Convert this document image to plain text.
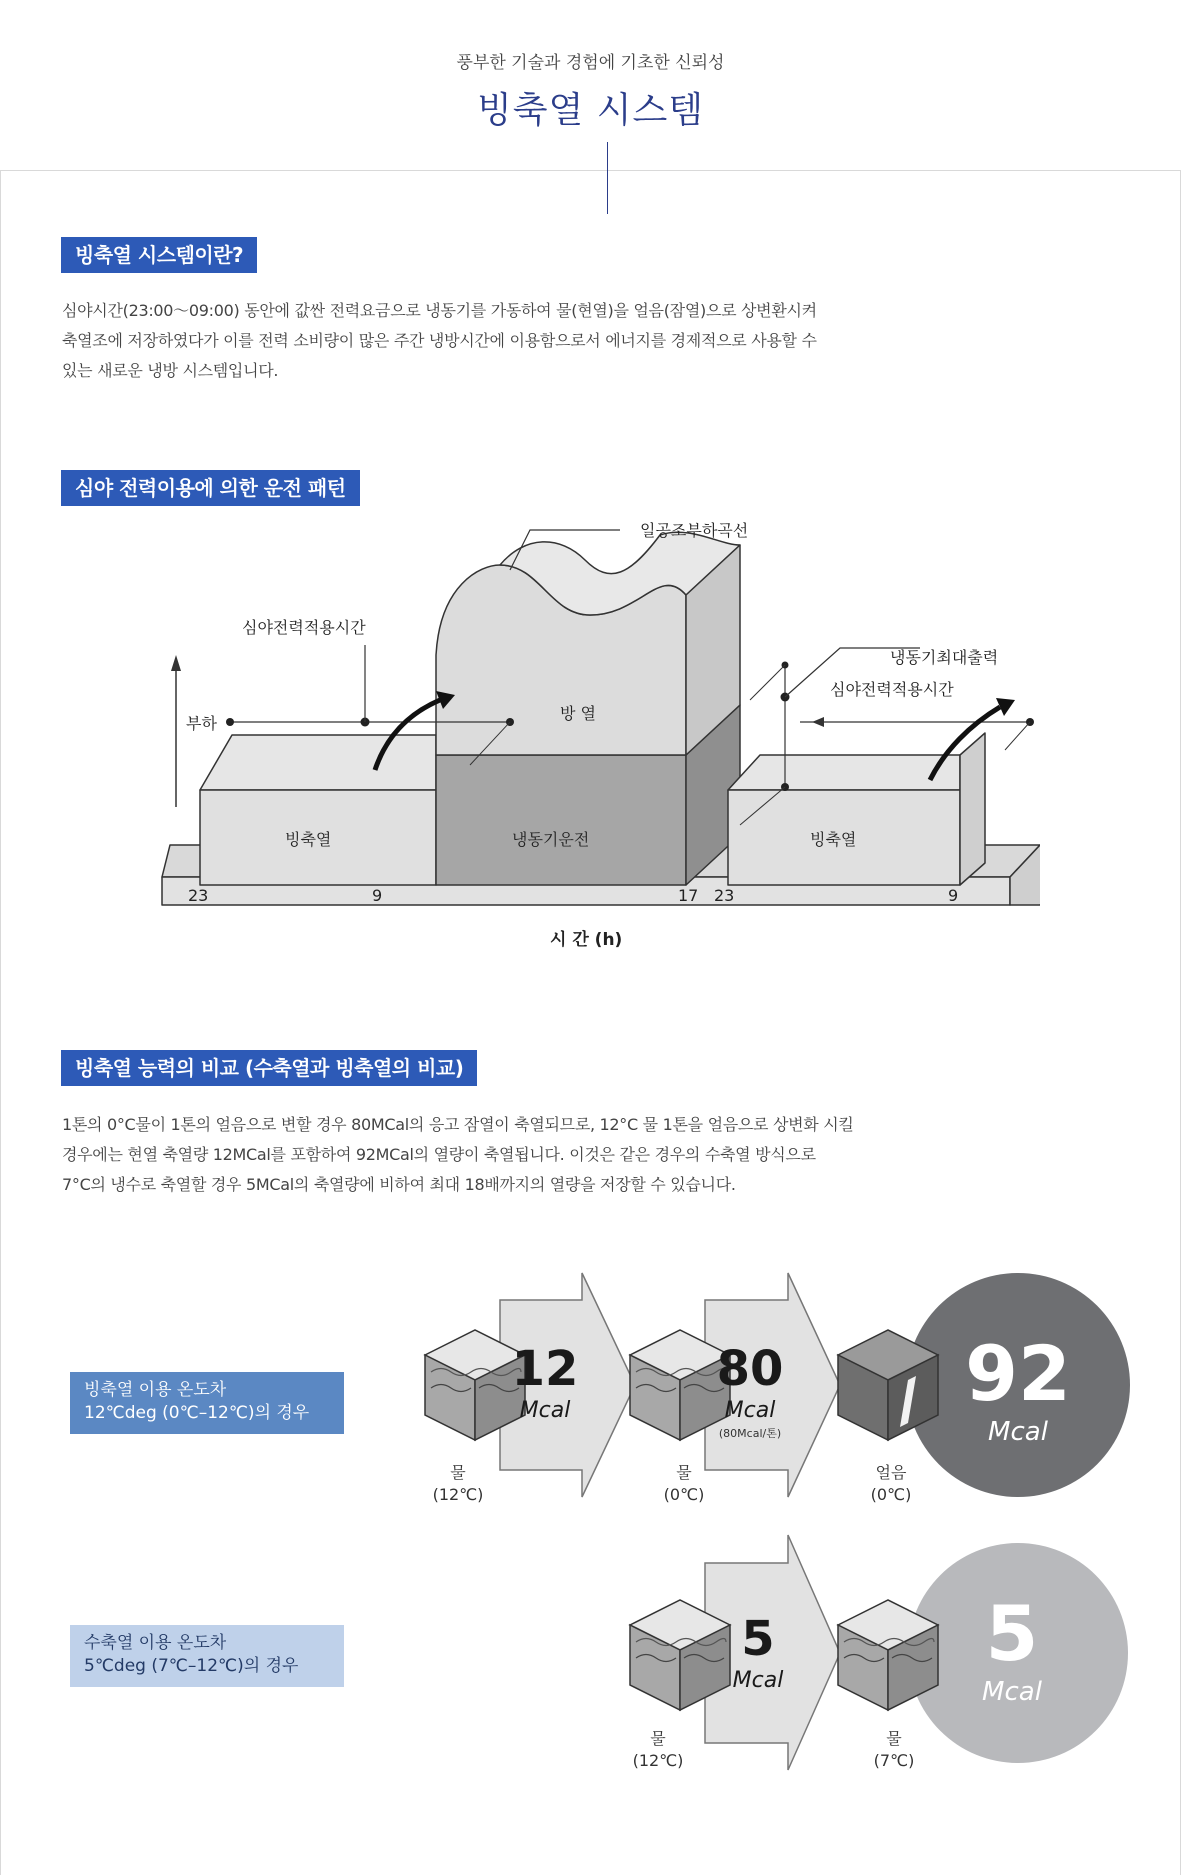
풍부한 기술과 경험에 기초한 신뢰성
빙축열 시스템
빙축열 시스템이란?
심야시간(23:00～09:00) 동안에 값싼 전력요금으로 냉동기를 가동하여 물(현열)을 얼음(잠열)으로 상변환시켜
축열조에 저장하였다가 이를 전력 소비량이 많은 주간 냉방시간에 이용함으로서 에너지를 경제적으로 사용할 수
있는 새로운 냉방 시스템입니다.
심야 전력이용에 의한 운전 패턴
일공조부하곡선
심야전력적용시간
냉동기최대출력
심야전력적용시간
부하
방 열
빙축열	냉동기운전	빙축열
23	9	17 23	9
시 간 (h)
빙축열 능력의 비교 (수축열과 빙축열의 비교)
1톤의 0°C물이 1톤의 얼음으로 변할 경우 80MCal의 응고 잠열이 축열되므로, 12°C 물 1톤을 얼음으로 상변화 시킬
경우에는 현열 축열량 12MCal를 포함하여 92MCal의 열량이 축열됩니다. 이것은 같은 경우의 수축열 방식으로
7°C의 냉수로 축열할 경우 5MCal의 축열량에 비하여 최대 18배까지의 열량을 저장할 수 있습니다.
빙축열 이용 온도차
12℃deg (0℃–12℃)의 경우
수축열 이용 온도차
5℃deg (7℃–12℃)의 경우
12
Mcal
80
Mcal
(80Mcal/톤)
92
Mcal
물
(12℃)
물
(0℃)
얼음
(0℃)
5
Mcal
5
Mcal
물
(12℃)
물
(7℃)
